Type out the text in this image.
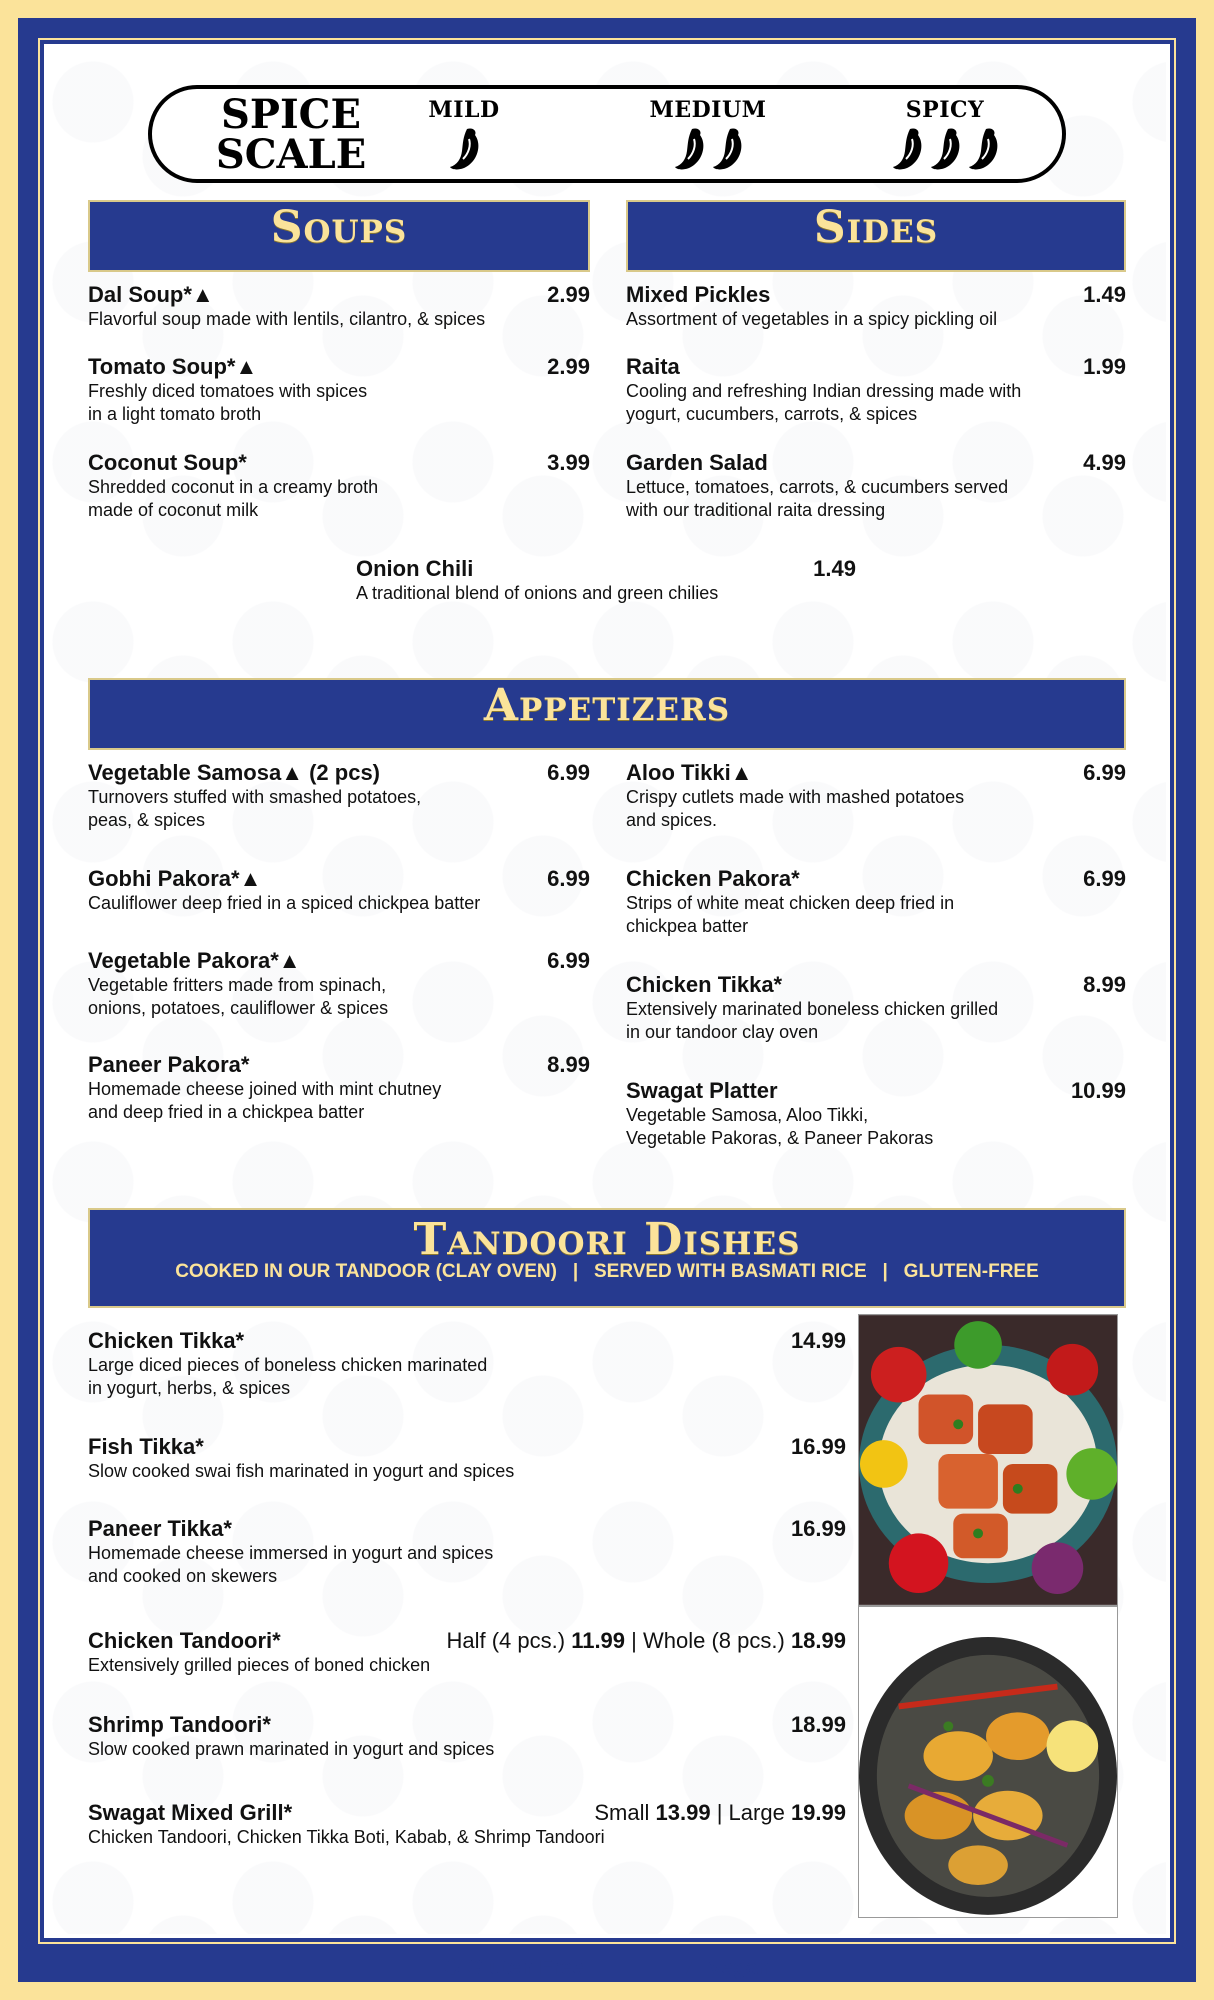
SPICE
SCALE
MILD	MEDIUM	SPICY
Soups
Dal Soup*▲	2.99
Flavorful soup made with lentils, cilantro, & spices
Tomato Soup*▲	2.99
Freshly diced tomatoes with spices
in a light tomato broth
Coconut Soup*	3.99
Shredded coconut in a creamy broth
made of coconut milk
Sides
Mixed Pickles	1.49
Assortment of vegetables in a spicy pickling oil
Raita	1.99
Cooling and refreshing Indian dressing made with
yogurt, cucumbers, carrots, & spices
Garden Salad	4.99
Lettuce, tomatoes, carrots, & cucumbers served
with our traditional raita dressing
Onion Chili	1.49
A traditional blend of onions and green chilies
Appetizers
Vegetable Samosa▲ (2 pcs)	6.99
Turnovers stuffed with smashed potatoes,
peas, & spices
Gobhi Pakora*▲	6.99
Cauliflower deep fried in a spiced chickpea batter
Vegetable Pakora*▲	6.99
Vegetable fritters made from spinach,
onions, potatoes, cauliflower & spices
Paneer Pakora*	8.99
Homemade cheese joined with mint chutney
and deep fried in a chickpea batter
Aloo Tikki▲	6.99
Crispy cutlets made with mashed potatoes
and spices.
Chicken Pakora*	6.99
Strips of white meat chicken deep fried in
chickpea batter
Chicken Tikka*	8.99
Extensively marinated boneless chicken grilled
in our tandoor clay oven
Swagat Platter	10.99
Vegetable Samosa, Aloo Tikki,
Vegetable Pakoras, & Paneer Pakoras
Tandoori Dishes
COOKED IN OUR TANDOOR (CLAY OVEN)   |   SERVED WITH BASMATI RICE   |   GLUTEN-FREE
Chicken Tikka*	14.99
Large diced pieces of boneless chicken marinated
in yogurt, herbs, & spices
Fish Tikka*	16.99
Slow cooked swai fish marinated in yogurt and spices
Paneer Tikka*	16.99
Homemade cheese immersed in yogurt and spices
and cooked on skewers
Chicken Tandoori*	Half (4 pcs.) 11.99 | Whole (8 pcs.) 18.99
Extensively grilled pieces of boned chicken
Shrimp Tandoori*	18.99
Slow cooked prawn marinated in yogurt and spices
Swagat Mixed Grill*	Small 13.99 | Large 19.99
Chicken Tandoori, Chicken Tikka Boti, Kabab, & Shrimp Tandoori
✱ Gluten Free	▲ Vegan
